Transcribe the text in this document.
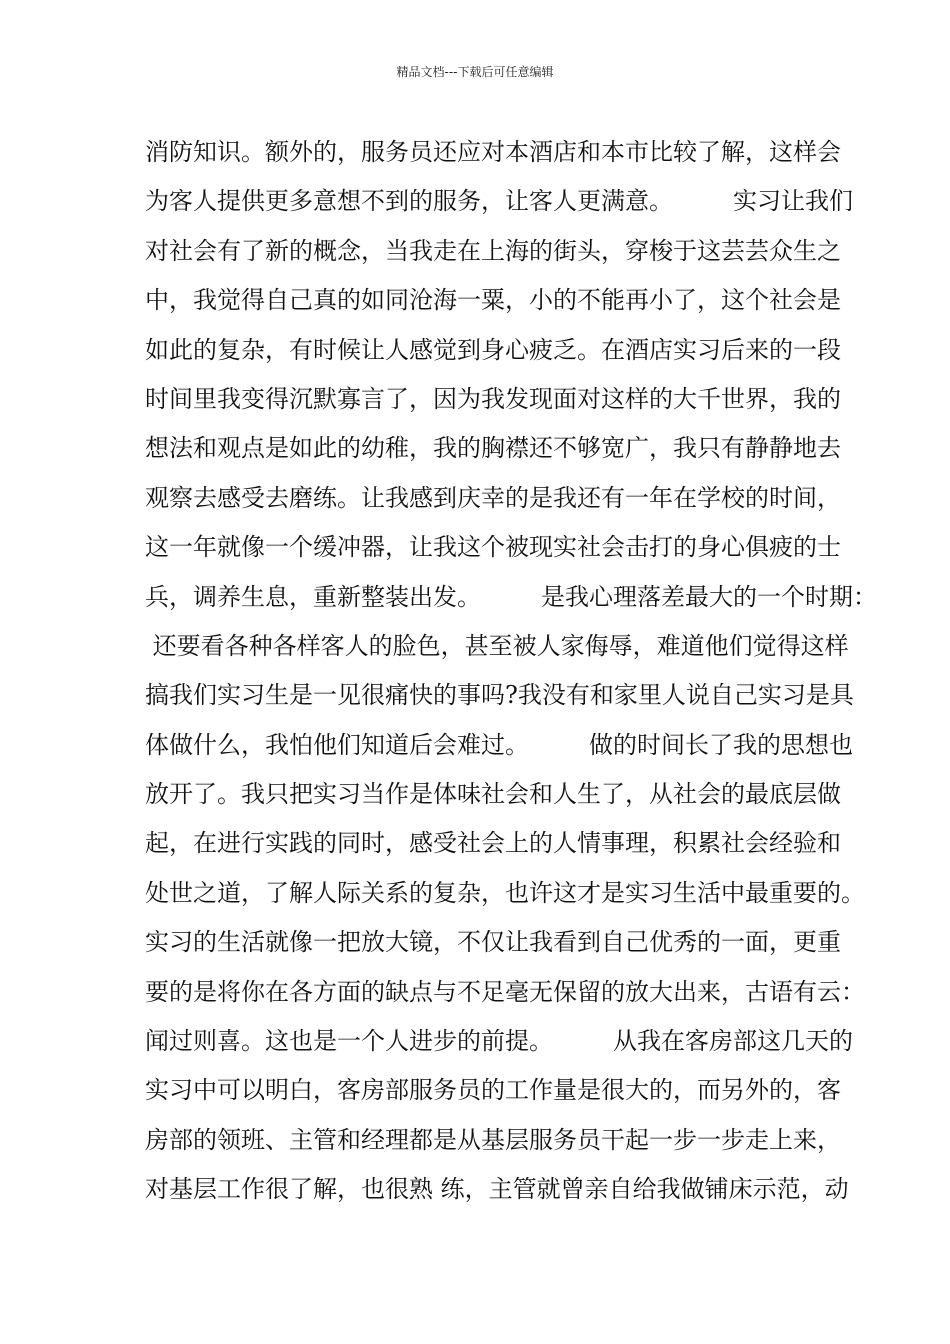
精品文档---下载后可任意编辑
消防知识。额外的，服务员还应对本酒店和本市比较了解，这样会
为客人提供更多意想不到的服务，让客人更满意。　　　实习让我们
对社会有了新的概念，当我走在上海的街头，穿梭于这芸芸众生之
中，我觉得自己真的如同沧海一粟，小的不能再小了，这个社会是
如此的复杂，有时候让人感觉到身心疲乏。在酒店实习后来的一段
时间里我变得沉默寡言了，因为我发现面对这样的大千世界，我的
想法和观点是如此的幼稚，我的胸襟还不够宽广，我只有静静地去
观察去感受去磨练。让我感到庆幸的是我还有一年在学校的时间，
这一年就像一个缓冲器，让我这个被现实社会击打的身心俱疲的士
兵，调养生息，重新整装出发。　　　是我心理落差最大的一个时期：
还要看各种各样客人的脸色，甚至被人家侮辱，难道他们觉得这样
搞我们实习生是一见很痛快的事吗?我没有和家里人说自己实习是具
体做什么，我怕他们知道后会难过。　　　做的时间长了我的思想也
放开了。我只把实习当作是体味社会和人生了，从社会的最底层做
起，在进行实践的同时，感受社会上的人情事理，积累社会经验和
处世之道，了解人际关系的复杂，也许这才是实习生活中最重要的。
实习的生活就像一把放大镜，不仅让我看到自己优秀的一面，更重
要的是将你在各方面的缺点与不足毫无保留的放大出来，古语有云：
闻过则喜。这也是一个人进步的前提。　　　从我在客房部这几天的
实习中可以明白，客房部服务员的工作量是很大的，而另外的，客
房部的领班、主管和经理都是从基层服务员干起一步一步走上来，
对基层工作很了解，也很熟 练，主管就曾亲自给我做铺床示范，动
